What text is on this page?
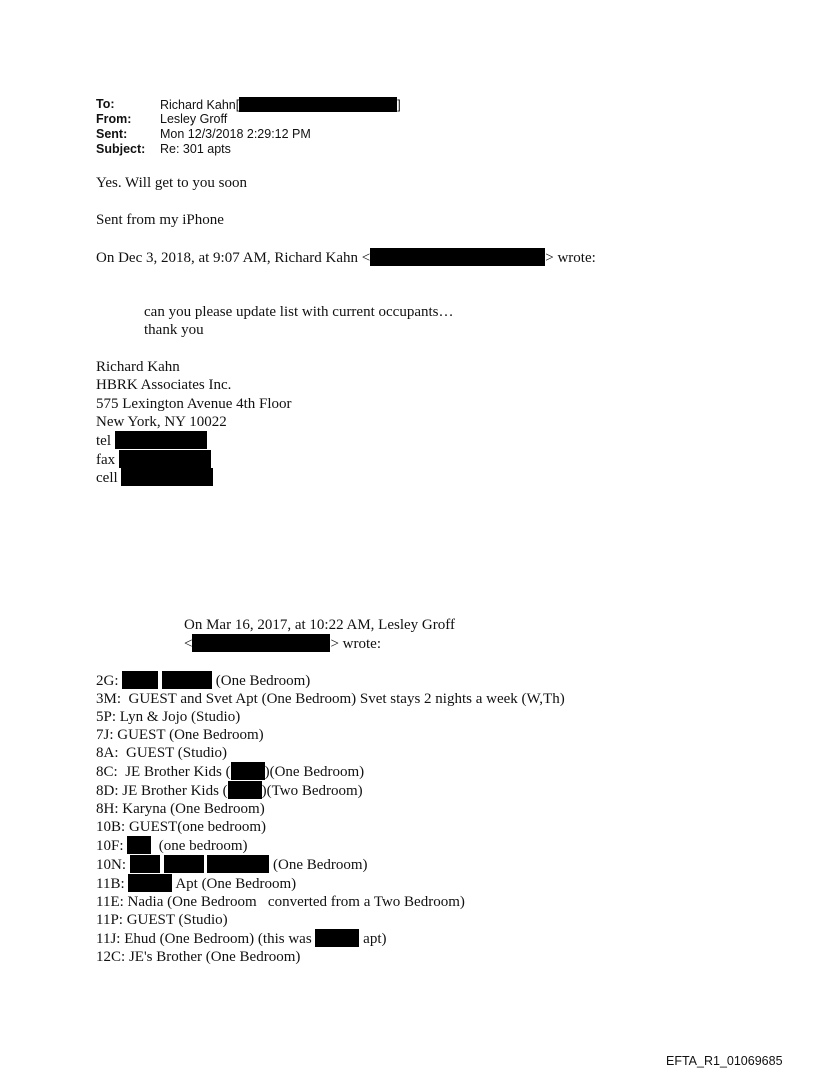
To:	Richard Kahn[	]
From: Lesley Groff
Sent:	Mon 12/3/2018 2:29:12 PM
Subject: Re: 301 apts
Yes. Will get to you soon
Sent from my iPhone
On Dec 3, 2018, at 9:07 AM, Richard Kahn <	> wrote:
can you please update list with current occupants…
thank you
Richard Kahn
HBRK Associates Inc.
575 Lexington Avenue 4th Floor
New York, NY 10022
tel
fax
cell
On Mar 16, 2017, at 10:22 AM, Lesley Groff
<	> wrote:
2G:	(One Bedroom)
3M: GUEST and Svet Apt (One Bedroom) Svet stays 2 nights a week (W,Th)
5P: Lyn & Jojo (Studio)
7J: GUEST (One Bedroom)
8A: GUEST (Studio)
8C: JE Brother Kids ( )(One Bedroom)
8D: JE Brother Kids ( )(Two Bedroom)
8H: Karyna (One Bedroom)
10B: GUEST(one bedroom)
10F: (one bedroom)
10N:	(One Bedroom)
11B:	Apt (One Bedroom)
11E: Nadia (One Bedroom   converted from a Two Bedroom)
11P: GUEST (Studio)
11J: Ehud (One Bedroom) (this was	apt)
12C: JE's Brother (One Bedroom)
EFTA_R1_01069685
